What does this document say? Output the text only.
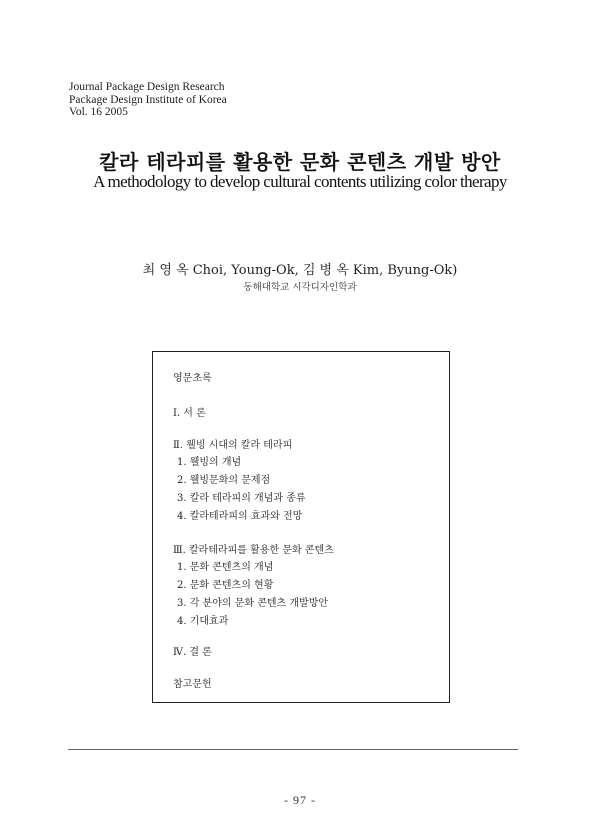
Journal Package Design Research
Package Design Institute of Korea
Vol. 16 2005
칼라 테라피를 활용한 문화 콘텐츠 개발 방안
A methodology to develop cultural contents utilizing color therapy
최 영 옥 Choi, Young-Ok, 김 병 옥 Kim, Byung-Ok)
동해대학교 시각디자인학과
영문초록
Ⅰ. 서 론
Ⅱ. 웰빙 시대의 칼라 테라피
1. 웰빙의 개념
2. 웰빙문화의 문제점
3. 칼라 테라피의 개념과 종류
4. 칼라테라피의 효과와 전망
Ⅲ. 칼라테라피를 활용한 문화 콘텐츠
1. 문화 콘텐츠의 개념
2. 문화 콘텐츠의 현황
3. 각 분야의 문화 콘텐츠 개발방안
4. 기대효과
Ⅳ. 결 론
참고문헌
- 97 -
